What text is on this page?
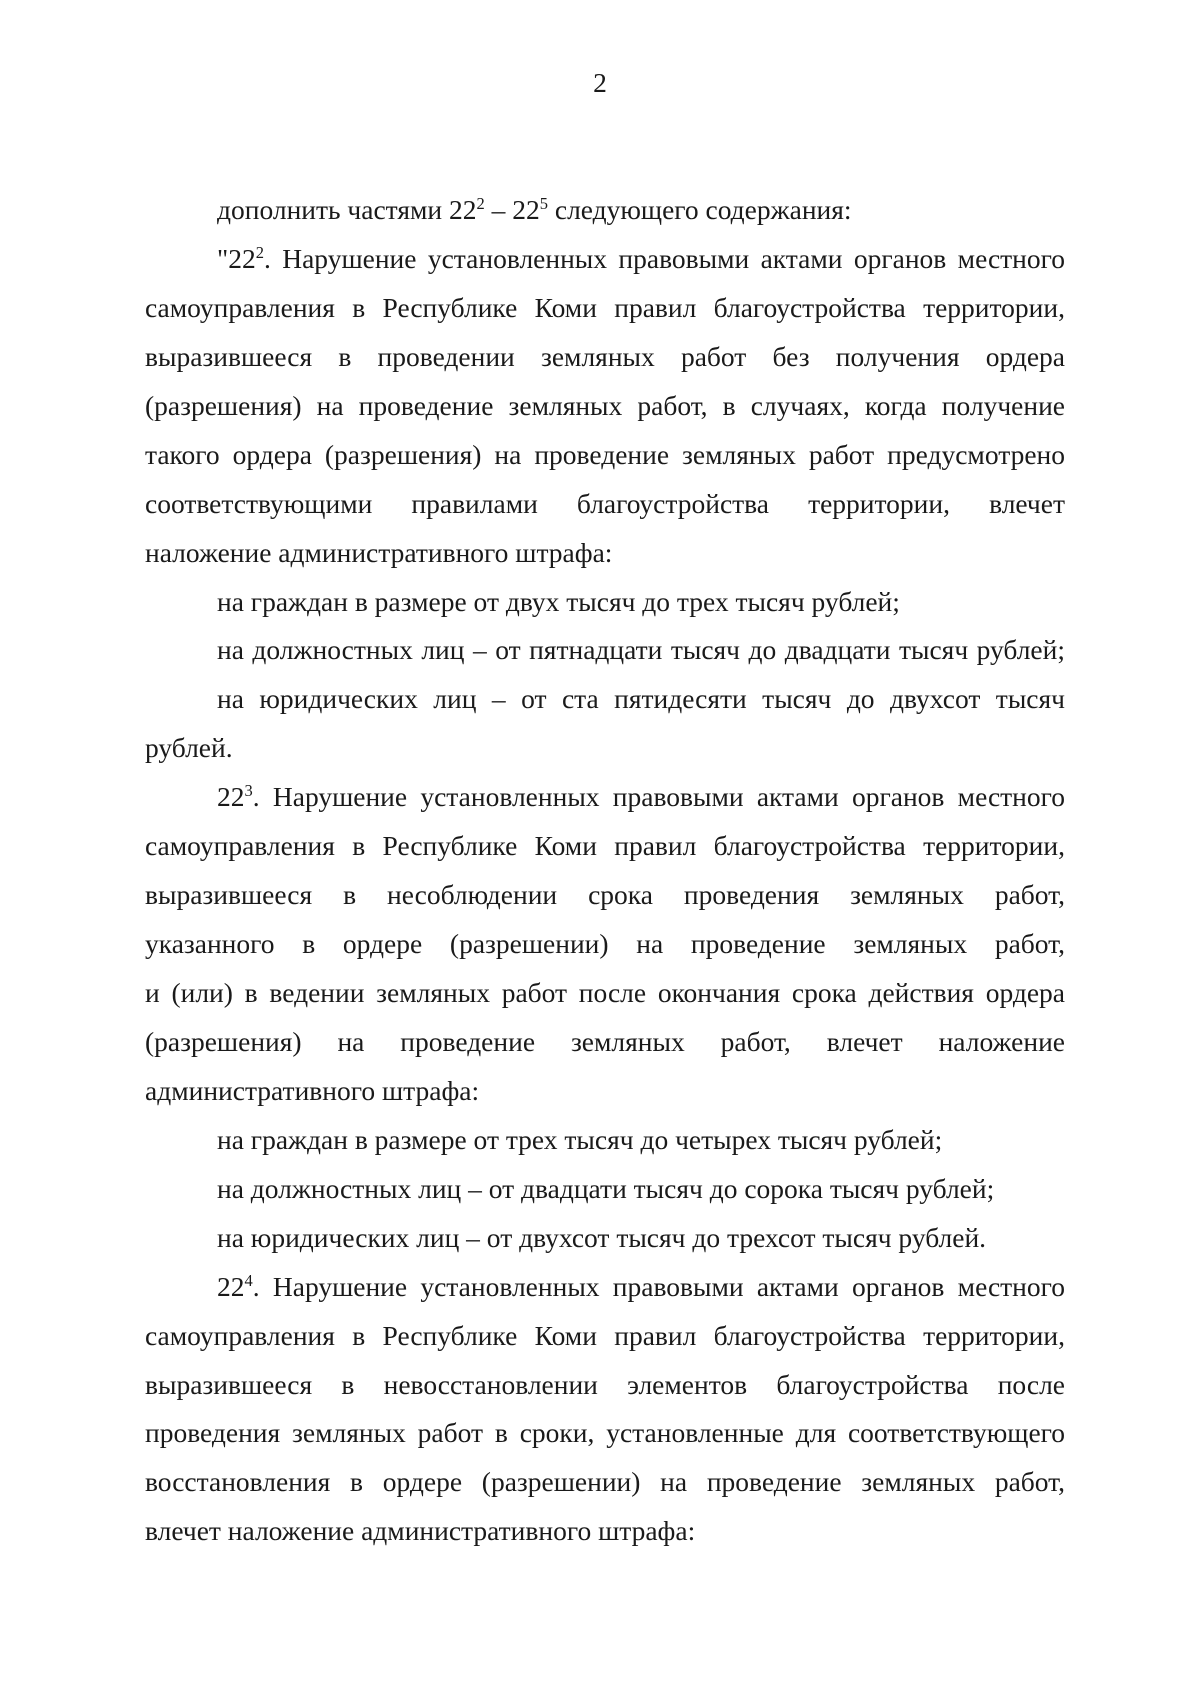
2
дополнить частями $22^2 - 22^5$ следующего содержания:
"$22^2$. Нарушение установленных правовыми актами органов местного
самоуправления в Республике Коми правил благоустройства территории,
выразившееся в проведении земляных работ без получения ордера
(разрешения) на проведение земляных работ, в случаях, когда получение
такого ордера (разрешения) на проведение земляных работ предусмотрено
соответствующими правилами благоустройства территории, влечет
наложение административного штрафа:
на граждан в размере от двух тысяч до трех тысяч рублей;
на должностных лиц – от пятнадцати тысяч до двадцати тысяч рублей;
на юридических лиц – от ста пятидесяти тысяч до двухсот тысяч
рублей.
$22^3$. Нарушение установленных правовыми актами органов местного
самоуправления в Республике Коми правил благоустройства территории,
выразившееся в несоблюдении срока проведения земляных работ,
указанного в ордере (разрешении) на проведение земляных работ,
и (или) в ведении земляных работ после окончания срока действия ордера
(разрешения) на проведение земляных работ, влечет наложение
административного штрафа:
на граждан в размере от трех тысяч до четырех тысяч рублей;
на должностных лиц – от двадцати тысяч до сорока тысяч рублей;
на юридических лиц – от двухсот тысяч до трехсот тысяч рублей.
$22^4$. Нарушение установленных правовыми актами органов местного
самоуправления в Республике Коми правил благоустройства территории,
выразившееся в невосстановлении элементов благоустройства после
проведения земляных работ в сроки, установленные для соответствующего
восстановления в ордере (разрешении) на проведение земляных работ,
влечет наложение административного штрафа:
